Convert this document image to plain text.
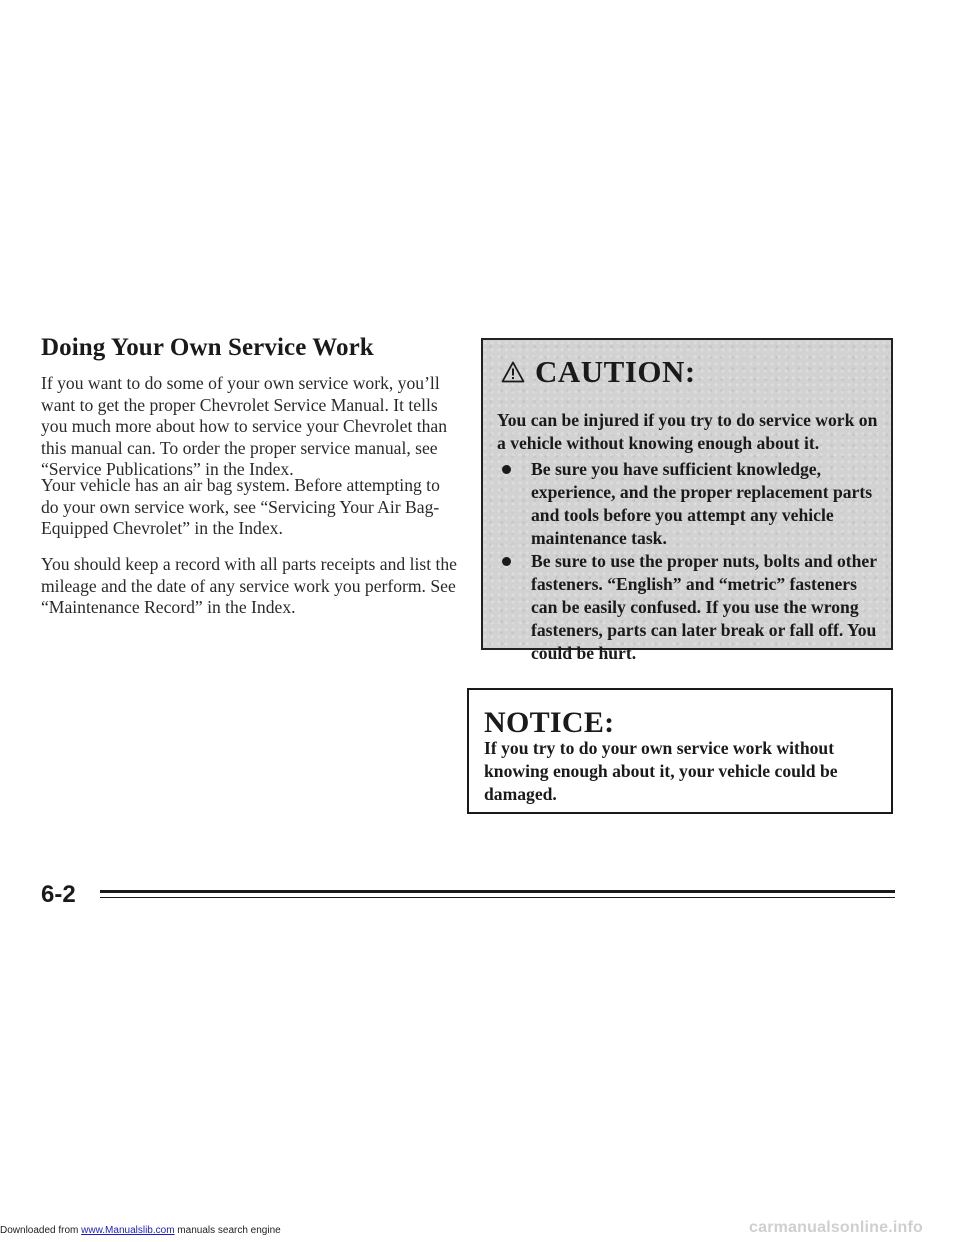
Doing Your Own Service Work

If you want to do some of your own service work, you’ll want to get the proper Chevrolet Service Manual. It tells you much more about how to service your Chevrolet than this manual can. To order the proper service manual, see “Service Publications” in the Index.

Your vehicle has an air bag system. Before attempting to do your own service work, see “Servicing Your Air Bag-Equipped Chevrolet” in the Index.

You should keep a record with all parts receipts and list the mileage and the date of any service work you perform. See “Maintenance Record” in the Index.

CAUTION:

You can be injured if you try to do service work on a vehicle without knowing enough about it.

Be sure you have sufficient knowledge, experience, and the proper replacement parts and tools before you attempt any vehicle maintenance task.
Be sure to use the proper nuts, bolts and other fasteners. “English” and “metric” fasteners can be easily confused. If you use the wrong fasteners, parts can later break or fall off. You could be hurt.
NOTICE:

If you try to do your own service work without knowing enough about it, your vehicle could be damaged.

6-2

Downloaded from www.Manualslib.com manuals search engine	carmanualsonline.info
